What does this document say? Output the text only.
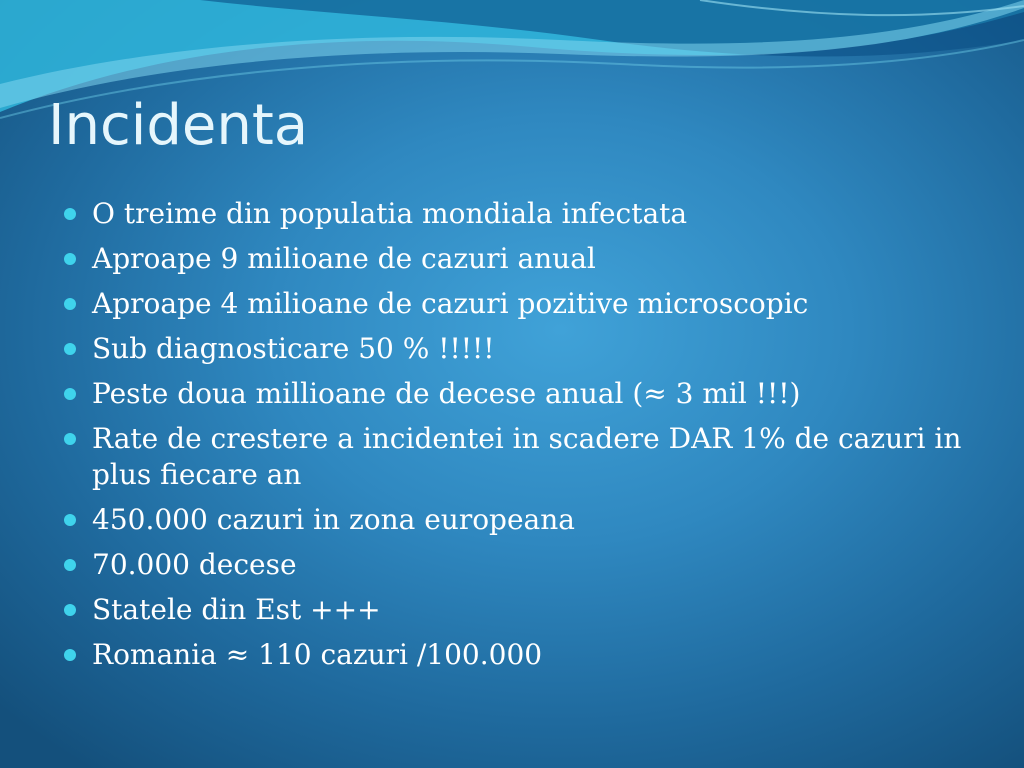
Incidenta
O treime din populatia mondiala infectata
Aproape 9 milioane de cazuri anual
Aproape 4 milioane de cazuri pozitive microscopic
Sub diagnosticare 50 % !!!!!
Peste doua millioane de decese anual (≈ 3 mil !!!)
Rate de crestere a incidentei in scadere DAR 1% de cazuri in plus fiecare an
450.000 cazuri in zona europeana
70.000 decese
Statele din Est +++
Romania ≈ 110 cazuri /100.000
